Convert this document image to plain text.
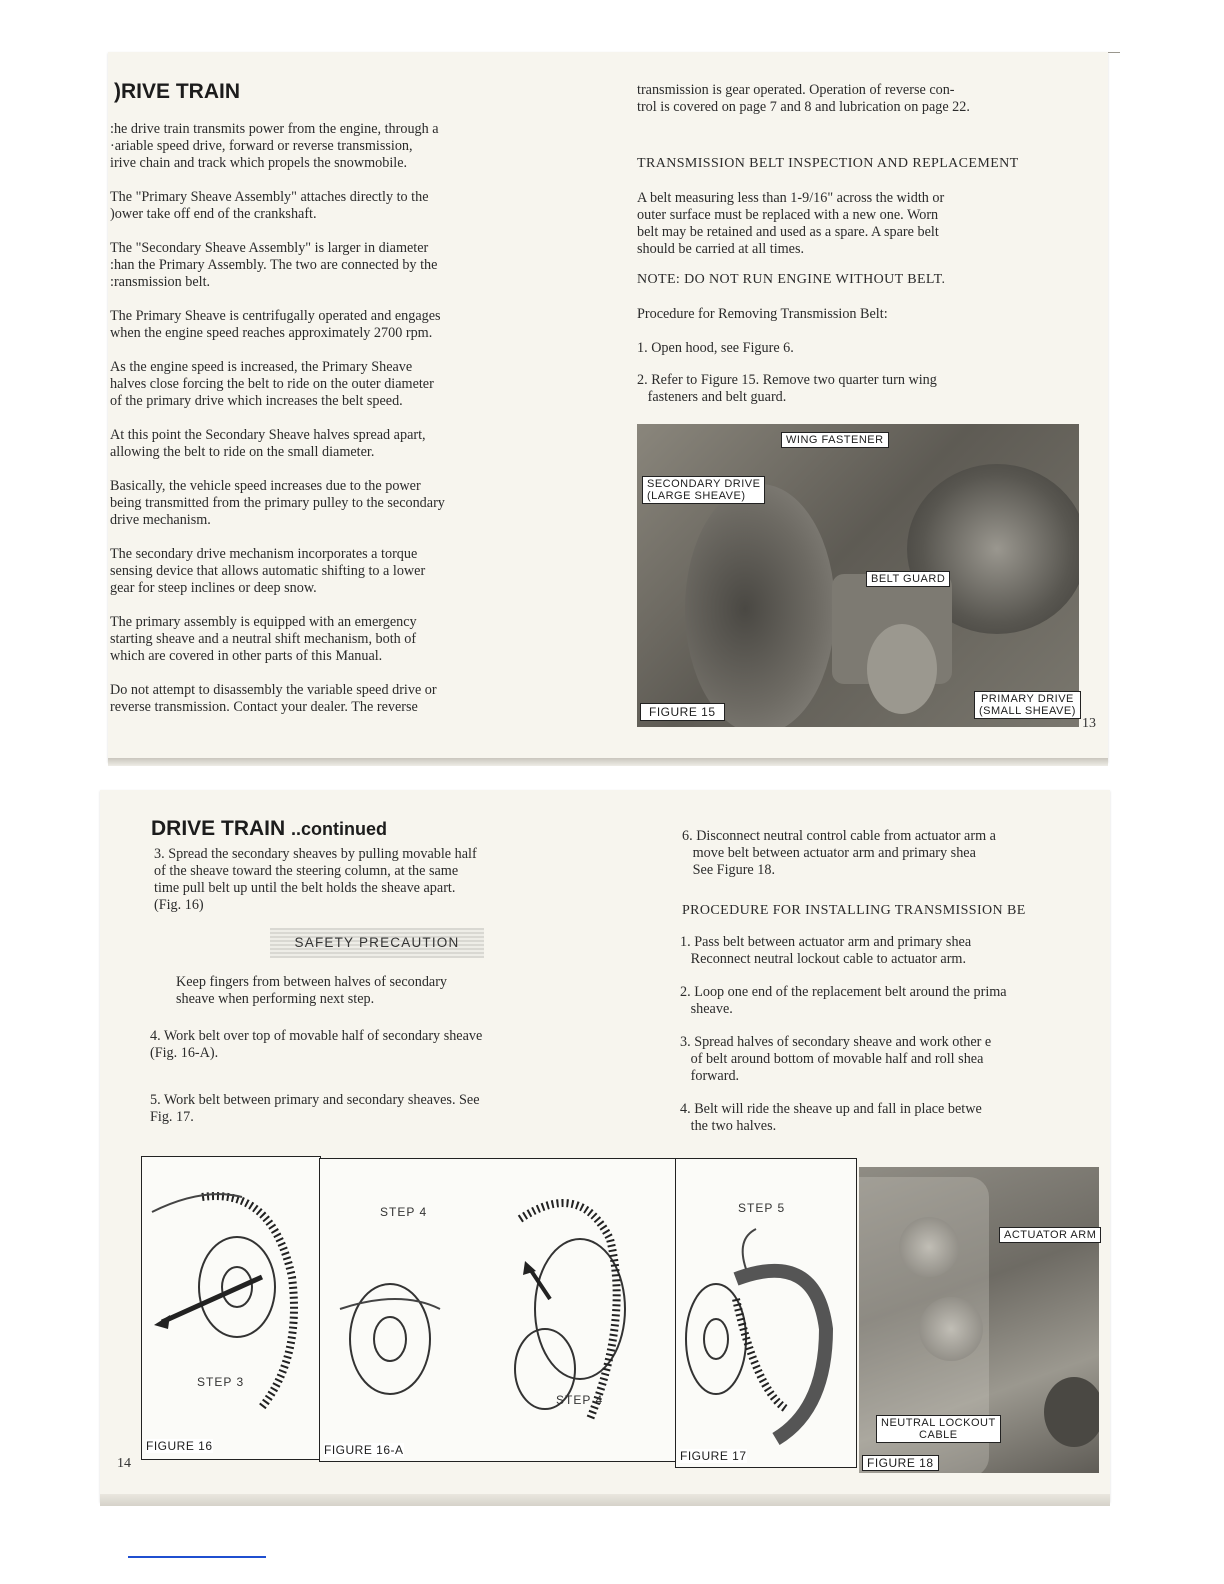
)RIVE TRAIN

:he drive train transmits power from the engine, through a
·ariable speed drive, forward or reverse transmission,
irive chain and track which propels the snowmobile.

The "Primary Sheave Assembly" attaches directly to the
)ower take off end of the crankshaft.

The "Secondary Sheave Assembly" is larger in diameter
:han the Primary Assembly. The two are connected by the
:ransmission belt.

The Primary Sheave is centrifugally operated and engages
when the engine speed reaches approximately 2700 rpm.

As the engine speed is increased, the Primary Sheave
halves close forcing the belt to ride on the outer diameter
of the primary drive which increases the belt speed.

At this point the Secondary Sheave halves spread apart,
allowing the belt to ride on the small diameter.

Basically, the vehicle speed increases due to the power
being transmitted from the primary pulley to the secondary
drive mechanism.

The secondary drive mechanism incorporates a torque
sensing device that allows automatic shifting to a lower
gear for steep inclines or deep snow.

The primary assembly is equipped with an emergency
starting sheave and a neutral shift mechanism, both of
which are covered in other parts of this Manual.

Do not attempt to disassembly the variable speed drive or
reverse transmission. Contact your dealer. The reverse

transmission is gear operated. Operation of reverse con-
trol is covered on page 7 and 8 and lubrication on page 22.
TRANSMISSION BELT INSPECTION AND REPLACEMENT
A belt measuring less than 1-9/16" across the width or
outer surface must be replaced with a new one. Worn
belt may be retained and used as a spare. A spare belt
should be carried at all times.
NOTE: DO NOT RUN ENGINE WITHOUT BELT.
Procedure for Removing Transmission Belt:
1. Open hood, see Figure 6.
2. Refer to Figure 15. Remove two quarter turn wing
fasteners and belt guard.
WING FASTENER
SECONDARY DRIVE
(LARGE SHEAVE)
BELT GUARD
PRIMARY DRIVE
(SMALL SHEAVE)
FIGURE 15
13
DRIVE TRAIN ..continued
3. Spread the secondary sheaves by pulling movable half
of the sheave toward the steering column, at the same
time pull belt up until the belt holds the sheave apart.
(Fig. 16)
SAFETY PRECAUTION
Keep fingers from between halves of secondary
sheave when performing next step.
4. Work belt over top of movable half of secondary sheave
(Fig. 16-A).
5. Work belt between primary and secondary sheaves. See
Fig. 17.
6. Disconnect neutral control cable from actuator arm a
move belt between actuator arm and primary shea
See Figure 18.
PROCEDURE FOR INSTALLING TRANSMISSION BE
1. Pass belt between actuator arm and primary shea
Reconnect neutral lockout cable to actuator arm.
2. Loop one end of the replacement belt around the prima
sheave.
3. Spread halves of secondary sheave and work other e
of belt around bottom of movable half and roll shea
forward.
4. Belt will ride the sheave up and fall in place betwe
the two halves.
STEP 3
FIGURE 16
STEP 4
STEP 4
FIGURE 16-A
STEP 5
FIGURE 17
ACTUATOR ARM
NEUTRAL LOCKOUT
CABLE
FIGURE 18
14
